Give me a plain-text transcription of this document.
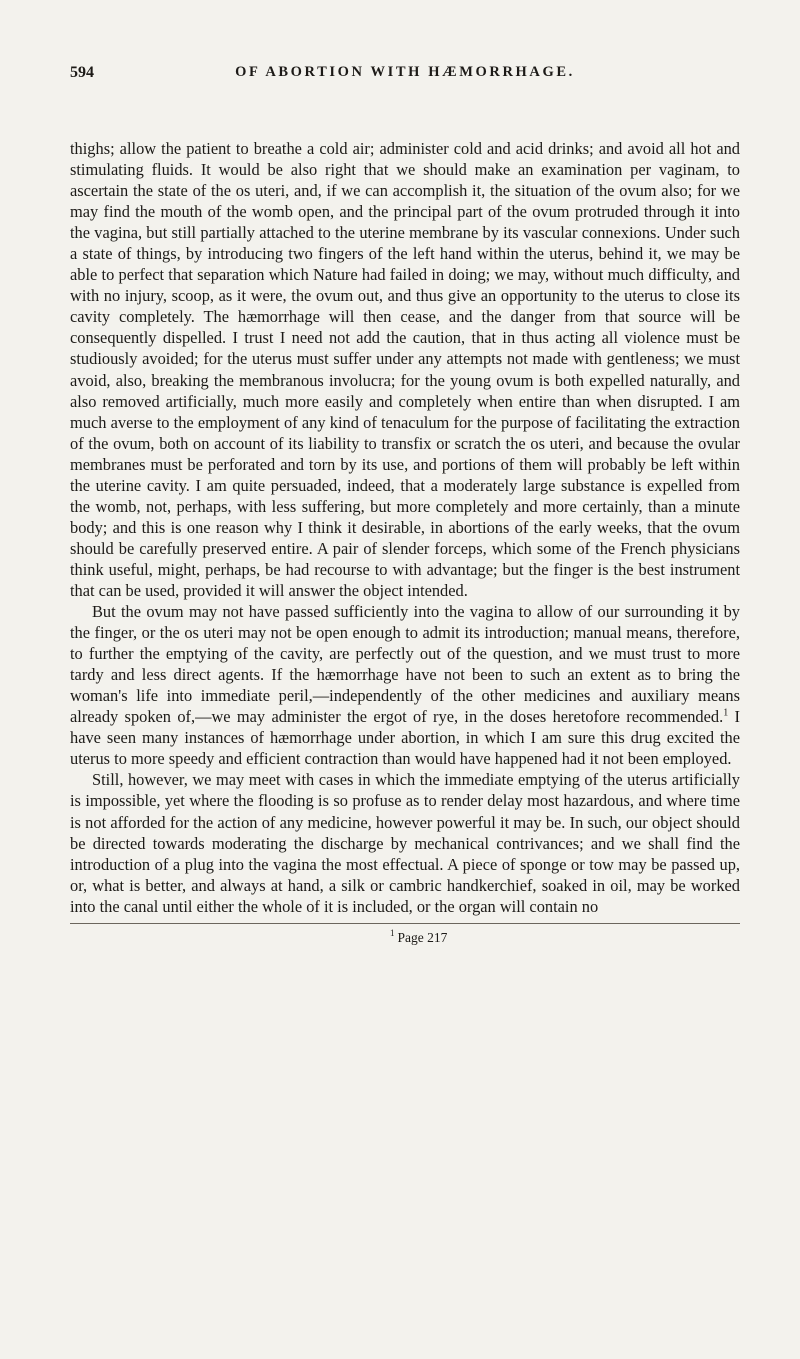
594	OF ABORTION WITH HÆMORRHAGE.

thighs; allow the patient to breathe a cold air; administer cold and acid drinks; and avoid all hot and stimulating fluids. It would be also right that we should make an examination per vaginam, to ascertain the state of the os uteri, and, if we can accomplish it, the situation of the ovum also; for we may find the mouth of the womb open, and the principal part of the ovum protruded through it into the vagina, but still partially attached to the uterine membrane by its vascular connexions. Under such a state of things, by introducing two fingers of the left hand within the uterus, behind it, we may be able to perfect that separation which Nature had failed in doing; we may, without much difficulty, and with no injury, scoop, as it were, the ovum out, and thus give an opportunity to the uterus to close its cavity completely. The hæmorrhage will then cease, and the danger from that source will be consequently dispelled. I trust I need not add the caution, that in thus acting all violence must be studiously avoided; for the uterus must suffer under any attempts not made with gentleness; we must avoid, also, breaking the membranous involucra; for the young ovum is both expelled naturally, and also removed artificially, much more easily and completely when entire than when disrupted. I am much averse to the employment of any kind of tenaculum for the purpose of facilitating the extraction of the ovum, both on account of its liability to transfix or scratch the os uteri, and because the ovular membranes must be perforated and torn by its use, and portions of them will probably be left within the uterine cavity. I am quite persuaded, indeed, that a moderately large substance is expelled from the womb, not, perhaps, with less suffering, but more completely and more certainly, than a minute body; and this is one reason why I think it desirable, in abortions of the early weeks, that the ovum should be carefully preserved entire. A pair of slender forceps, which some of the French physicians think useful, might, perhaps, be had recourse to with advantage; but the finger is the best instrument that can be used, provided it will answer the object intended.

But the ovum may not have passed sufficiently into the vagina to allow of our surrounding it by the finger, or the os uteri may not be open enough to admit its introduction; manual means, therefore, to further the emptying of the cavity, are perfectly out of the question, and we must trust to more tardy and less direct agents. If the hæmorrhage have not been to such an extent as to bring the woman's life into immediate peril,—independently of the other medicines and auxiliary means already spoken of,—we may administer the ergot of rye, in the doses heretofore recommended.$^1$ I have seen many instances of hæmorrhage under abortion, in which I am sure this drug excited the uterus to more speedy and efficient contraction than would have happened had it not been employed.

Still, however, we may meet with cases in which the immediate emptying of the uterus artificially is impossible, yet where the flooding is so profuse as to render delay most hazardous, and where time is not afforded for the action of any medicine, however powerful it may be. In such, our object should be directed towards moderating the discharge by mechanical contrivances; and we shall find the introduction of a plug into the vagina the most effectual. A piece of sponge or tow may be passed up, or, what is better, and always at hand, a silk or cambric handkerchief, soaked in oil, may be worked into the canal until either the whole of it is included, or the organ will contain no

$^1$ Page 217
